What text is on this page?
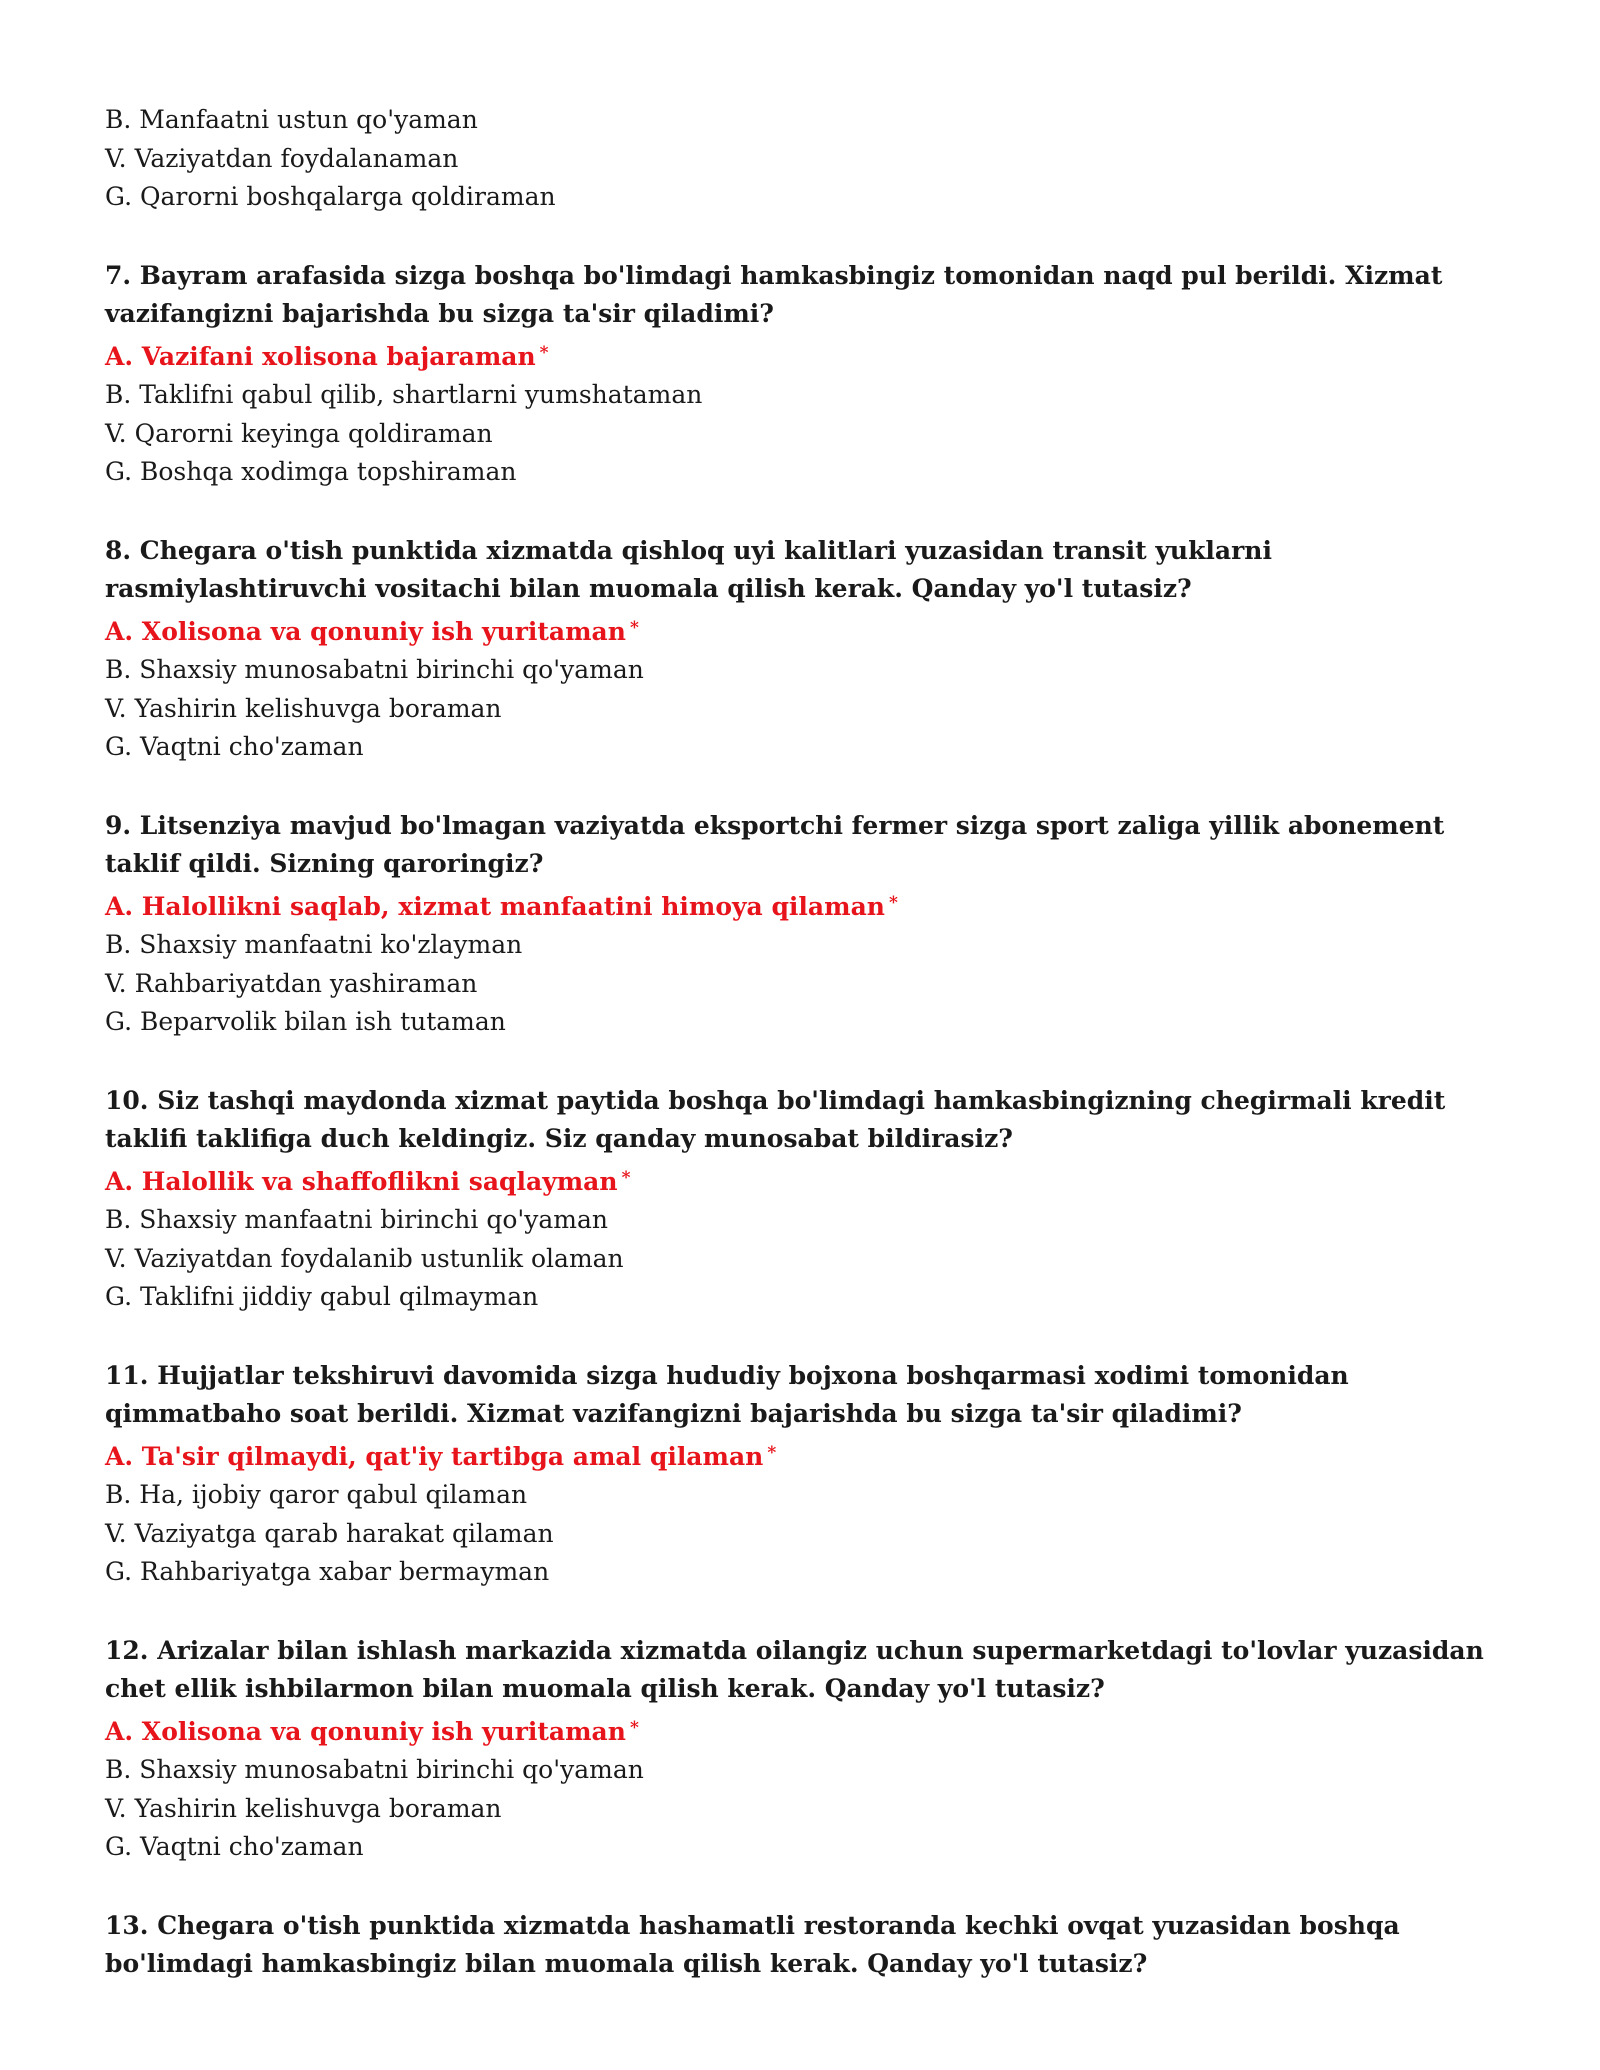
B. Manfaatni ustun qo'yaman
V. Vaziyatdan foydalanaman
G. Qarorni boshqalarga qoldiraman
7. Bayram arafasida sizga boshqa bo'limdagi hamkasbingiz tomonidan naqd pul berildi. Xizmat vazifangizni bajarishda bu sizga ta'sir qiladimi?
A. Vazifani xolisona bajaraman *
B. Taklifni qabul qilib, shartlarni yumshataman
V. Qarorni keyinga qoldiraman
G. Boshqa xodimga topshiraman
8. Chegara o'tish punktida xizmatda qishloq uyi kalitlari yuzasidan transit yuklarni rasmiylashtiruvchi vositachi bilan muomala qilish kerak. Qanday yo'l tutasiz?
A. Xolisona va qonuniy ish yuritaman *
B. Shaxsiy munosabatni birinchi qo'yaman
V. Yashirin kelishuvga boraman
G. Vaqtni cho'zaman
9. Litsenziya mavjud bo'lmagan vaziyatda eksportchi fermer sizga sport zaliga yillik abonement taklif qildi. Sizning qaroringiz?
A. Halollikni saqlab, xizmat manfaatini himoya qilaman *
B. Shaxsiy manfaatni ko'zlayman
V. Rahbariyatdan yashiraman
G. Beparvolik bilan ish tutaman
10. Siz tashqi maydonda xizmat paytida boshqa bo'limdagi hamkasbingizning chegirmali kredit taklifi taklifiga duch keldingiz. Siz qanday munosabat bildirasiz?
A. Halollik va shaffoflikni saqlayman *
B. Shaxsiy manfaatni birinchi qo'yaman
V. Vaziyatdan foydalanib ustunlik olaman
G. Taklifni jiddiy qabul qilmayman
11. Hujjatlar tekshiruvi davomida sizga hududiy bojxona boshqarmasi xodimi tomonidan qimmatbaho soat berildi. Xizmat vazifangizni bajarishda bu sizga ta'sir qiladimi?
A. Ta'sir qilmaydi, qat'iy tartibga amal qilaman *
B. Ha, ijobiy qaror qabul qilaman
V. Vaziyatga qarab harakat qilaman
G. Rahbariyatga xabar bermayman
12. Arizalar bilan ishlash markazida xizmatda oilangiz uchun supermarketdagi to'lovlar yuzasidan chet ellik ishbilarmon bilan muomala qilish kerak. Qanday yo'l tutasiz?
A. Xolisona va qonuniy ish yuritaman *
B. Shaxsiy munosabatni birinchi qo'yaman
V. Yashirin kelishuvga boraman
G. Vaqtni cho'zaman
13. Chegara o'tish punktida xizmatda hashamatli restoranda kechki ovqat yuzasidan boshqa bo'limdagi hamkasbingiz bilan muomala qilish kerak. Qanday yo'l tutasiz?
